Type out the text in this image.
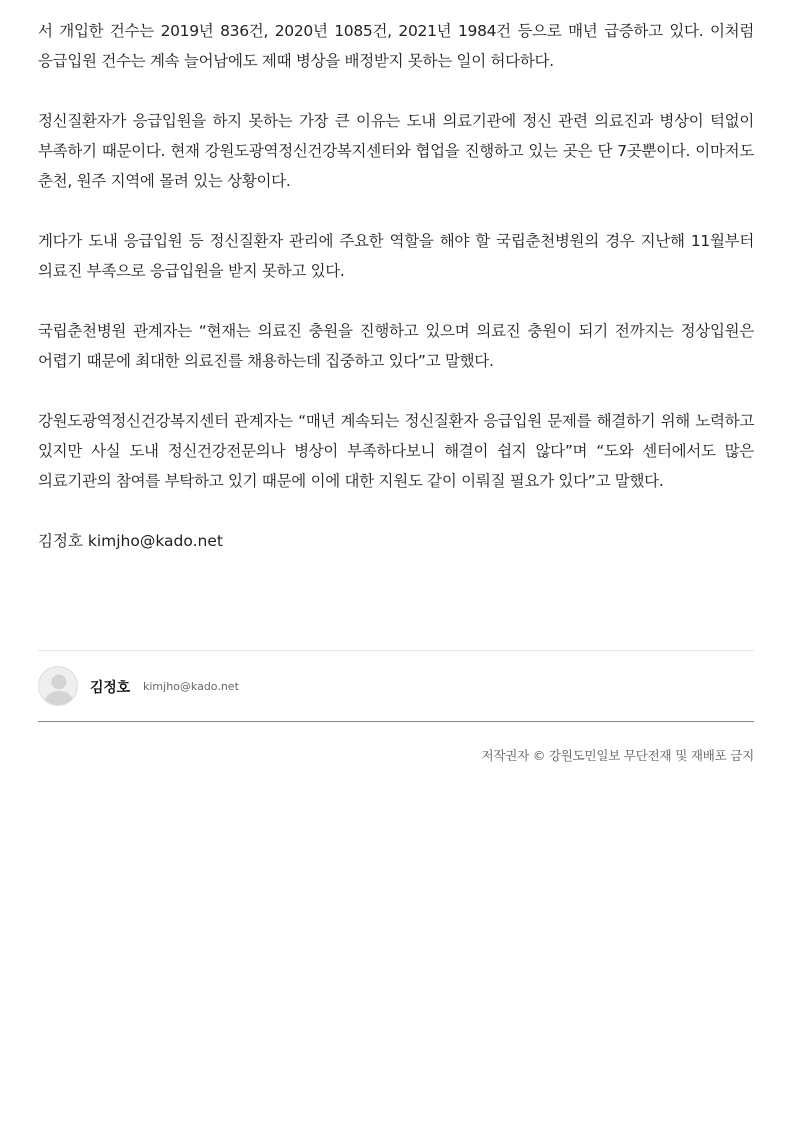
서 개입한 건수는 2019년 836건, 2020년 1085건, 2021년 1984건 등으로 매년 급증하고 있다. 이처럼 응급입원 건수는 계속 늘어남에도 제때 병상을 배정받지 못하는 일이 허다하다.

정신질환자가 응급입원을 하지 못하는 가장 큰 이유는 도내 의료기관에 정신 관련 의료진과 병상이 턱없이 부족하기 때문이다. 현재 강원도광역정신건강복지센터와 협업을 진행하고 있는 곳은 단 7곳뿐이다. 이마저도 춘천, 원주 지역에 몰려 있는 상황이다.

게다가 도내 응급입원 등 정신질환자 관리에 주요한 역할을 해야 할 국립춘천병원의 경우 지난해 11월부터 의료진 부족으로 응급입원을 받지 못하고 있다.

국립춘천병원 관계자는 “현재는 의료진 충원을 진행하고 있으며 의료진 충원이 되기 전까지는 정상입원은 어렵기 때문에 최대한 의료진를 채용하는데 집중하고 있다”고 말했다.

강원도광역정신건강복지센터 관계자는 “매년 계속되는 정신질환자 응급입원 문제를 해결하기 위해 노력하고 있지만 사실 도내 정신건강전문의나 병상이 부족하다보니 해결이 쉽지 않다”며 “도와 센터에서도 많은 의료기관의 참여를 부탁하고 있기 때문에 이에 대한 지원도 같이 이뤄질 필요가 있다”고 말했다.

김정호 kimjho@kado.net

김정호 kimjho@kado.net
저작권자 © 강원도민일보 무단전재 및 재배포 금지
